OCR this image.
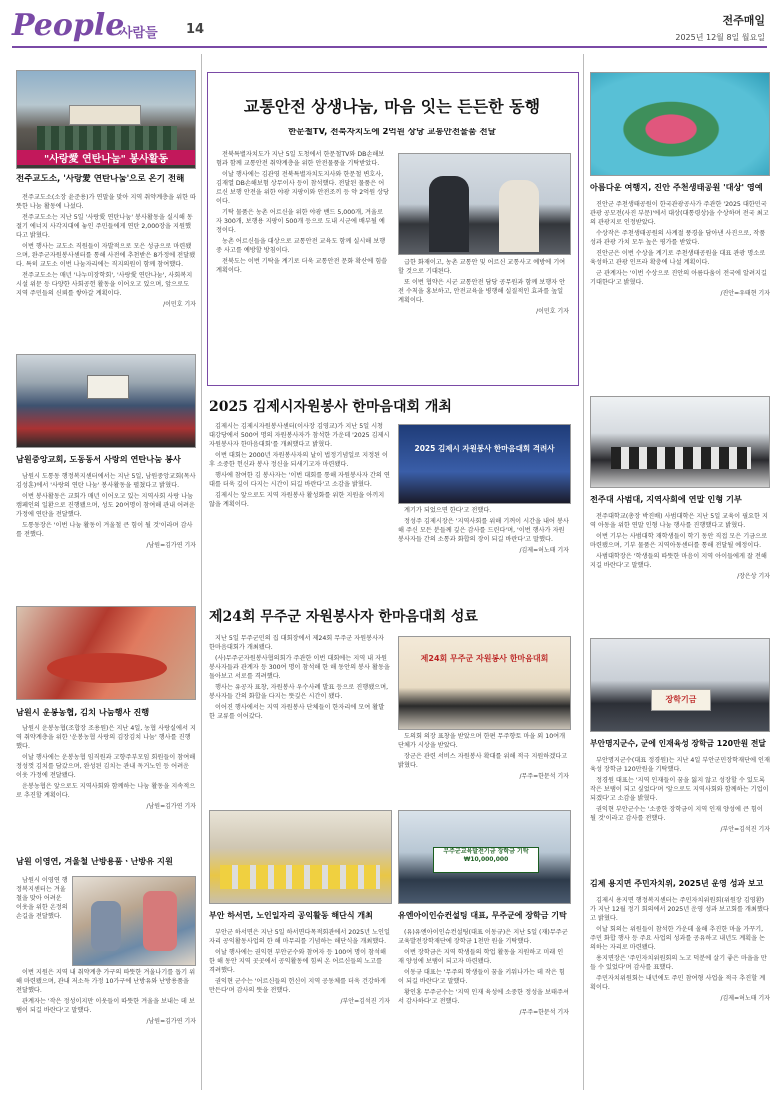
People
사람들 14
전주매일
2025년 12월 8일 월요일
"사랑愛 연탄나눔" 봉사활동
전주교도소, '사랑愛 연탄나눔'으로 온기 전해

전주교도소(소장 윤준용)가 연말을 맞아 지역 취약계층을 위한 따뜻한 나눔 활동에 나섰다.

전주교도소는 지난 5일 '사랑愛 연탄나눔' 봉사활동을 실시해 동절기 에너지 사각지대에 놓인 주민들에게 연탄 2,000장을 지원했다고 밝혔다.

이번 행사는 교도소 직원들이 자발적으로 모은 성금으로 마련됐으며, 완주군자원봉사센터를 통해 사전에 추천받은 8가정에 전달됐다. 특히 교도소 이번 나눔자리에는 직지의원이 함께 참여했다.

전주교도소는 매년 '나누미장학회', '사랑愛 연탄나눔', 사회복지시설 위문 등 다양한 사회공헌 활동을 이어오고 있으며, 앞으로도 지역 주민들의 신뢰를 쌓아갈 계획이다.

/이민호 기자
남원중앙교회, 도동동서 사랑의 연탄나눔 봉사

남원시 도통동 행정복지센터에서는 지난 5일, 남원중앙교회(목사 김성훈)에서 '사랑의 연탄 나눔' 봉사활동을 펼쳤다고 밝혔다.

이번 봉사활동은 교회가 매년 이어오고 있는 지역사회 사랑 나눔 캠페인의 일환으로 진행됐으며, 성도 20여명이 참여해 관내 어려운 가정에 연탄을 전달했다.

도통동장은 '이번 나눔 활동이 겨울철 큰 힘이 될 것'이라며 감사를 전했다.

/남원=김가연 기자
남원시 운봉농협, 김치 나눔행사 진행

남원시 운봉농협(조합장 조용원)은 지난 4일, 농협 사랑실에서 지역 취약계층을 위한 '운봉농협 사랑의 김장김치 나눔' 행사를 진행했다.

이날 행사에는 운봉농협 임직원과 고향주부모임 회원들이 참여해 정성껏 김치를 담갔으며, 완성된 김치는 관내 독거노인 등 어려운 이웃 가정에 전달됐다.

운봉농협은 앞으로도 지역사회와 함께하는 나눔 활동을 지속적으로 추진할 계획이다.

/남원=김가연 기자
남원 이영연, 겨울철 난방용품ㆍ난방유 지원

남원시 이영연 행정복지센터는 겨울철을 맞아 어려운 이웃을 위한 온정의 손길을 전달했다.

이번 지원은 지역 내 취약계층 가구의 따뜻한 겨울나기를 돕기 위해 마련됐으며, 관내 저소득 가정 10가구에 난방유와 난방용품을 전달했다.

관계자는 '작은 정성이지만 이웃들이 따뜻한 겨울을 보내는 데 보탬이 되길 바란다'고 말했다.

/남원=김가연 기자
교통안전 상생나눔, 마음 잇는 든든한 동행
한문철TV, 전북자치도에 2억원 상당 교통안전물품 전달

전북특별자치도가 지난 5일 도청에서 한문철TV와 DB손해보험과 함께 교통안전 취약계층을 위한 안전물품을 기탁받았다.

이날 행사에는 김관영 전북특별자치도지사와 한문철 변호사, 김재열 DB손해보험 상무이사 등이 참석했다. 전달된 물품은 어르신 보행 안전을 위한 야광 지팡이와 안전조끼 등 약 2억원 상당이다.

기탁 물품은 농촌 어르신을 위한 야광 밴드 5,000개, 겨울로 자 300개, 보행용 지팡이 500개 등으로 도내 시군에 배부될 예정이다.

농촌 어르신들을 대상으로 교통안전 교육도 함께 실시해 보행 중 사고를 예방할 방침이다.

전북도는 이번 기탁을 계기로 더욱 교통안전 문화 확산에 힘쓸 계획이다.

급한 화재이고, 농촌 교통안 및 어르신 교통사고 예방에 기여할 것으로 기대된다.

또 이번 협약은 시군 교통안전 담당 공무원과 함께 보행자 안전 수칙을 홍보하고, 안전교육을 병행해 실질적인 효과를 높일 계획이다.

/이민호 기자
2025 김제시자원봉사 한마음대회 개최

김제시는 김제시자원봉사센터(이사장 김영교)가 지난 5일 시청 대강당에서 500여 명의 자원봉사자가 참석한 가운데 '2025 김제시자원봉사자 한마음대회'를 개최했다고 밝혔다.

이번 대회는 2000년 자원봉사자의 날이 법정기념일로 지정된 이후 소중한 헌신과 봉사 정신을 되새기고자 마련됐다.

행사에 참여한 김 봉사자는 '이번 대회를 통해 자원봉사자 간의 연대를 더욱 깊이 다지는 시간이 되길 바란다'고 소감을 밝혔다.

김제시는 앞으로도 지역 자원봉사 활성화를 위한 지원을 아끼지 않을 계획이다.

2025 김제시 자원봉사 한마음대회 격려사

계기가 되었으면 한다'고 전했다.

정성주 김제시장은 '지역사회를 위해 기꺼이 시간을 내어 봉사해 주신 모든 분들께 깊은 감사를 드린다'며, '이번 행사가 자원봉사자들 간의 소통과 화합의 장이 되길 바란다'고 말했다.

/김제=허노태 기자
제24회 무주군 자원봉사자 한마음대회 성료

지난 5일 무주군민의 집 대회장에서 제24회 무주군 자원봉사자 한마음대회가 개최됐다.

(사)무주군자원봉사협의회가 주관한 이번 대회에는 지역 내 자원봉사자들과 관계자 등 300여 명이 참석해 한 해 동안의 봉사 활동을 돌아보고 서로를 격려했다.

행사는 유공자 표창, 자원봉사 우수사례 발표 등으로 진행됐으며, 봉사자들 간의 화합을 다지는 뜻깊은 시간이 됐다.

이어진 행사에서는 지역 자원봉사 단체들이 한자리에 모여 활발한 교류를 이어갔다.

제24회 무주군 자원봉사 한마음대회

도의회 의장 표창을 받았으며 한편 무주향토 마을 외 10여개 단체가 시상을 받았다.

장군은 관련 서비스 자원봉사 확대를 위해 적극 지원하겠다고 밝혔다.

/무주=한문석 기자
부안 하서면, 노인일자리 공익활동 해단식 개최

부안군 하서면은 지난 5일 하서면다목적회관에서 2025년 노인일자리 공익활동사업의 한 해 마무리를 기념하는 해단식을 개최했다.

이날 행사에는 권익현 부안군수와 참여자 등 100여 명이 참석해 한 해 동안 지역 곳곳에서 공익활동에 힘써 온 어르신들의 노고를 격려했다.

권익현 군수는 '어르신들의 헌신이 지역 공동체를 더욱 건강하게 만든다'며 감사의 뜻을 전했다.

/부안=김석진 기자
무주군교육발전기금 장학금 기탁 ₩10,000,000
유엔아이인슈컨설팅 대표, 무주군에 장학금 기탁

(유)유엔아이인슈컨설팅(대표 이동규)은 지난 5일 (재)무주군교육발전장학재단에 장학금 1천만 원을 기탁했다.

이번 장학금은 지역 학생들의 학업 활동을 지원하고 미래 인재 양성에 보탬이 되고자 마련됐다.

이동규 대표는 '무주의 학생들이 꿈을 키워나가는 데 작은 힘이 되길 바란다'고 말했다.

황인홍 무주군수는 '지역 인재 육성에 소중한 정성을 보태주셔서 감사하다'고 전했다.

/무주=한문석 기자
아름다운 여행지, 진안 주천생태공원 '대상' 영예

진안군 주천생태공원이 한국관광공사가 주관한 '2025 대한민국 관광 공모전(사진 부문)'에서 대상(대통령상)을 수상하며 전국 최고의 관광지로 인정받았다.

수상작은 주천생태공원의 사계절 풍경을 담아낸 사진으로, 작품성과 관광 가치 모두 높은 평가를 받았다.

진안군은 이번 수상을 계기로 주천생태공원을 대표 관광 명소로 육성하고 관광 인프라 확충에 나설 계획이다.

군 관계자는 '이번 수상으로 진안의 아름다움이 전국에 알려지길 기대한다'고 밝혔다.

/진안=우태현 기자
전주대 사범대, 지역사회에 연말 인형 기부

전주대학교(총장 박진배) 사범대학은 지난 5일 교육이 필요한 지역 아동을 위한 연말 인형 나눔 행사를 진행했다고 밝혔다.

이번 기부는 사범대학 재학생들이 학기 동안 직접 모은 기금으로 마련됐으며, 기부 물품은 지역아동센터를 통해 전달될 예정이다.

사범대학장은 '학생들의 따뜻한 마음이 지역 아이들에게 잘 전해지길 바란다'고 말했다.

/장은상 기자
장학기금
부안명지군수, 군에 인재육성 장학금 120만원 전달

부안명지군수(대표 정경원)는 지난 4일 부안군민장학재단에 인재육성 장학금 120만원을 기탁했다.

정경원 대표는 '지역 인재들이 꿈을 잃지 않고 성장할 수 있도록 작은 보탬이 되고 싶었다'며 '앞으로도 지역사회와 함께하는 기업이 되겠다'고 소감을 밝혔다.

권익현 부안군수는 '소중한 장학금이 지역 인재 양성에 큰 힘이 될 것'이라고 감사를 전했다.

/부안=김석진 기자
김제 용지면 주민자치위, 2025년 운영 성과 보고

김제시 용지면 행정복지센터는 주민자치위원회(위원장 김영환)가 지난 12월 정기 회의에서 2025년 운영 성과 보고회를 개최했다고 밝혔다.

이날 회의는 위원들이 참석한 가운데 올해 추진한 마을 가꾸기, 주민 화합 행사 등 주요 사업의 성과를 공유하고 내년도 계획을 논의하는 자리로 마련됐다.

용지면장은 '주민자치위원회의 노고 덕분에 살기 좋은 마을을 만들 수 있었다'며 감사를 표했다.

주민자치위원회는 내년에도 주민 참여형 사업을 적극 추진할 계획이다.

/김제=허노태 기자
